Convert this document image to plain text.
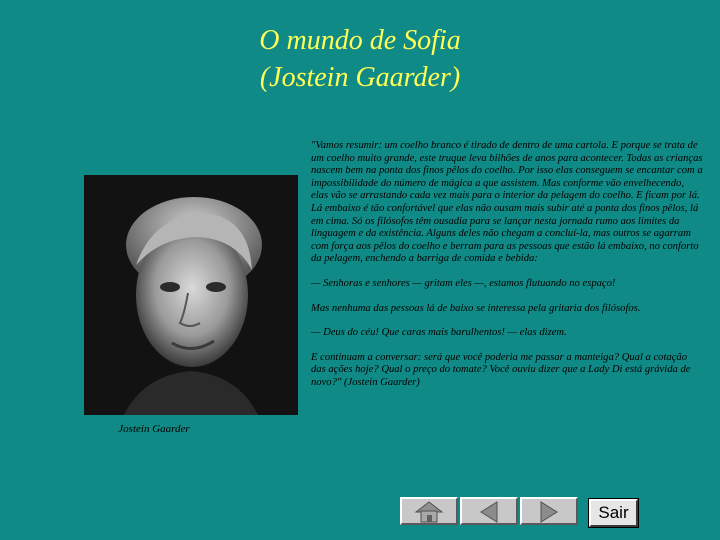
O mundo de Sofia
(Jostein Gaarder)
Jostein Gaarder

"Vamos resumir: um coelho branco é tirado de dentro de uma cartola. E porque se trata de um coelho muito grande, este truque leva bilhões de anos para acontecer. Todas as crianças nascem bem na ponta dos finos pêlos do coelho. Por isso elas conseguem se encantar com a impossibilidade do número de mágica a que assistem. Mas conforme vão envelhecendo, elas vão se arrastando cada vez mais para o interior da pelagem do coelho. E ficam por lá. Lá embaixo é tão confortável que elas não ousam mais subir até a ponta dos finos pêlos, lá em cima. Só os filósofos têm ousadia para se lançar nesta jornada rumo aos limites da linguagem e da existência. Alguns deles não chegam a concluí-la, mas outros se agarram com força aos pêlos do coelho e berram para as pessoas que estão lá embaixo, no conforto da pelagem, enchendo a barriga de comida e bebida:

— Senhoras e senhores — gritam eles —, estamos flutuando no espaço!

Mas nenhuma das pessoas lá de baixo se interessa pela gritaria dos filósofos.

— Deus do céu! Que caras mais barulhentos! — elas dizem.

E continuam a conversar: será que você poderia me passar a manteiga? Qual a cotação das ações hoje? Qual o preço do tomate? Você ouviu dizer que a Lady Di está grávida de novo?" (Jostein Gaarder)

Sair
